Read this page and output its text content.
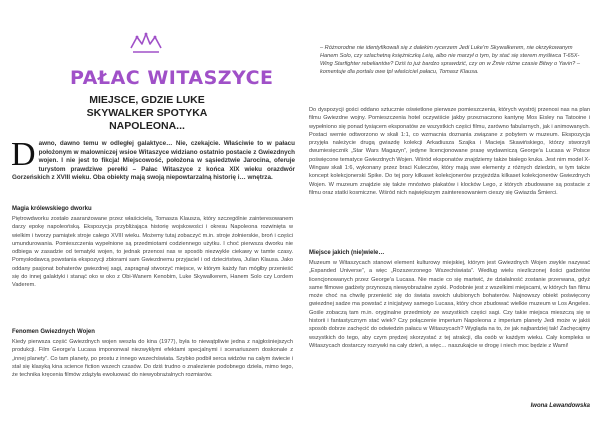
PAŁAC WITASZYCE
MIEJSCE, GDZIE LUKE SKYWALKER SPOTYKA NAPOLEONA...
D awno, dawno temu w odległej galaktyce… Nie, czekajcie. Właściwie to w pałacu położonym w malowniczej wsioe Witaszyce widziano ostatnio postacie z Gwiezdnych wojen. I nie jest to fikcja! Miejscowość, położona w sąsiedztwie Jarocina, oferuje turystom prawdziwe perełki – Pałac Witaszyce z końca XIX wieku orazdwór Gorzeńskich z XVIII wieku. Oba obiekty mają swoją niepowtarzalną historię i… wnętrza.

Magia królewskiego dworku

Piętrowdworku zostało zaaranżowane przez właścicielą, Tomasza Klausza, który szczególnie zainteresowanem darzy epokę napoleońską. Ekspozycja przybliżająca historię wojskowości i okresu Napoleona rozwinięta w wielkim i tworzy pamiątek stroje całego XVIII wieku. Możemy tutaj zobaczyć m.in. stroje żołnierskie, broń i części umundurowania. Pomieszczenia wypełnione są przedmiotami codziennego użytku. I choć pierwsza dworku nie odbiega w zasadzie od tematyki wojen, to jednak przenosi nas w sposób niezwykle ciekawy w tamte czasy. Pomysłodawcą powstania ekspozycji zbiorami sam Gwiezdnemu przyjaciel i od dzieciństwa, Julian Klausa. Jako oddany pasjonat bohaterów gwiezdnej sagi, zapragnął stworzyć miejsce, w którym każdy fan mógłby przenieść się do innej galaktyki i stanąć oko w oko z Obi-Wanem Kenobim, Luke Skywalkerem, Hanem Solo czy Lordem Vaderem.

Fenomen Gwiezdnych Wojen

Kiedy pierwsza część Gwiezdnych wojen weszła do kina (1977), była to niewątpliwie jedna z najgłośniejszych produkcji. Film George'a Lucasa impononwał niezwykłymi efektami specjalnymi i scenariuszem doskonale z „innej planety”. Co tam planety, po prostu z innego wszechświata. Szybko podbił serca widzów na całym świecie i stał się klasyką kina science fiction wszech czasów. Do dziś trudno o znalezienie podobnego dzieła, mimo tego, że technika kręcenia filmów zdążyła ewoluować do niewyobrażalnych rozmiarów.

– Różnorodne nie identyfikowali się z dalekim rycerzem Jedi Luke'm Skywalkerem, nie okrzykowanym Hanem Solo, czy szlachetną księżniczką Leią, albo nie marzył o tym, by stać się sterem myśliwca T-65X-Wing Starfighter rebeliantów? Dziś to już bardzo sprawdzić, czy on w Żmie różne czasie Bitwy o Yavin? – komentuje dla portalu owe tpl właściciel pałacu, Tomasz Klausa.

Do dyspozycji gości oddano sztucznie oświetlone pierwsze pomieszczenia, których wystrój przenosi nas na plan filmu Gwiezdne wojny. Pomieszczenia hotel oczywiście jakby przeznaczono kantynę Mos Eisley na Tatooine i wypełniono się ponad tysiącem eksponatów ze wszystkich części filmu, zarówno fabularnych, jak i animowanych. Postaci wernie odtworzono w skali 1:1, co wzmacnia doznania związane z pobytem w muzeum. Ekspozycja przyjęła należycie drugą gwiazdę kolekcji Arkadiusza Szajka i Macieja Skawińskiego, którzy stworzyli dwumiesięcznik „Star Wars Magazyn”, jedyne licencjonowane prasę wydawniczą George'a Lucasa w Polsce poświęcone tematyce Gwiezdnych Wojen. Wśród eksponatów znajdziemy także białego kruka. Jest nim model X-Wingaw skali 1:6, wykonany przez braci Kuleczów, który mają swe elementy z różnych dziedzin, w tym także koncept kolekcjonerski Spike. Do tej pory kilkaset kolekcjonerów przyjeżdża kilkaset kolekcjonerów Gwiezdnych Wojen. W muzeum znajdzie się także mnóstwo plakatów i klocków Lego, z których zbudowane są postacie z filmu oraz statki kosmiczne. Wśród nich największym zainteresowaniem cieszy się Gwiazda Śmierci.

Miejsce jakich (nie)wiele…

Muzeum w Witaszycach stanowi element kulturowy miejskiej, którym jest Gwiezdnych Wojen zwykle nazywać „Expanded Universe”, a więc „Rozszerzonego Wszechświata”. Według wielu niezliczonej ilości gadżetów licencjonowanych przez George'a Lucasa. Nie macie co się martwić, że działalność zostanie przerwana, gdyż same filmowe gadżety przynoszą niewyobrażalne zyski. Podobnie jest z wszelkimi miejscami, w których fan filmu może choć na chwilę przenieść się do świata swoich ulubionych bohaterów. Najnowszy obiekt poświęcony gwiezdnej sadze ma powstać z inicjatywy samego Lucasa, który chce zbudować wielkie muzeum w Los Angeles. Gośle zobaczą tam m.in. oryginalne przedmioty ze wszystkich części sagi. Czy takie miejsca mieszczą się w historii i fantastycznym stać wiek? Czy połączenie imperium Napoleona z imperium planety Jedi może w jakiś sposób dobrze zachęcić do odwiedzin pałacu w Witaszycach? Wygląda na to, że jak najbardziej tak! Zachęcajmy wszystkich do tego, aby czym prędzej skorzystać z tej atrakcji, dla osób w każdym wieku. Cały kompleks w Witaszycach dostarczy rozrywki na cały dzień, a więc… naszukajcie w drogę i niech moc będzie z Wami!

Iwona Lewandowska
